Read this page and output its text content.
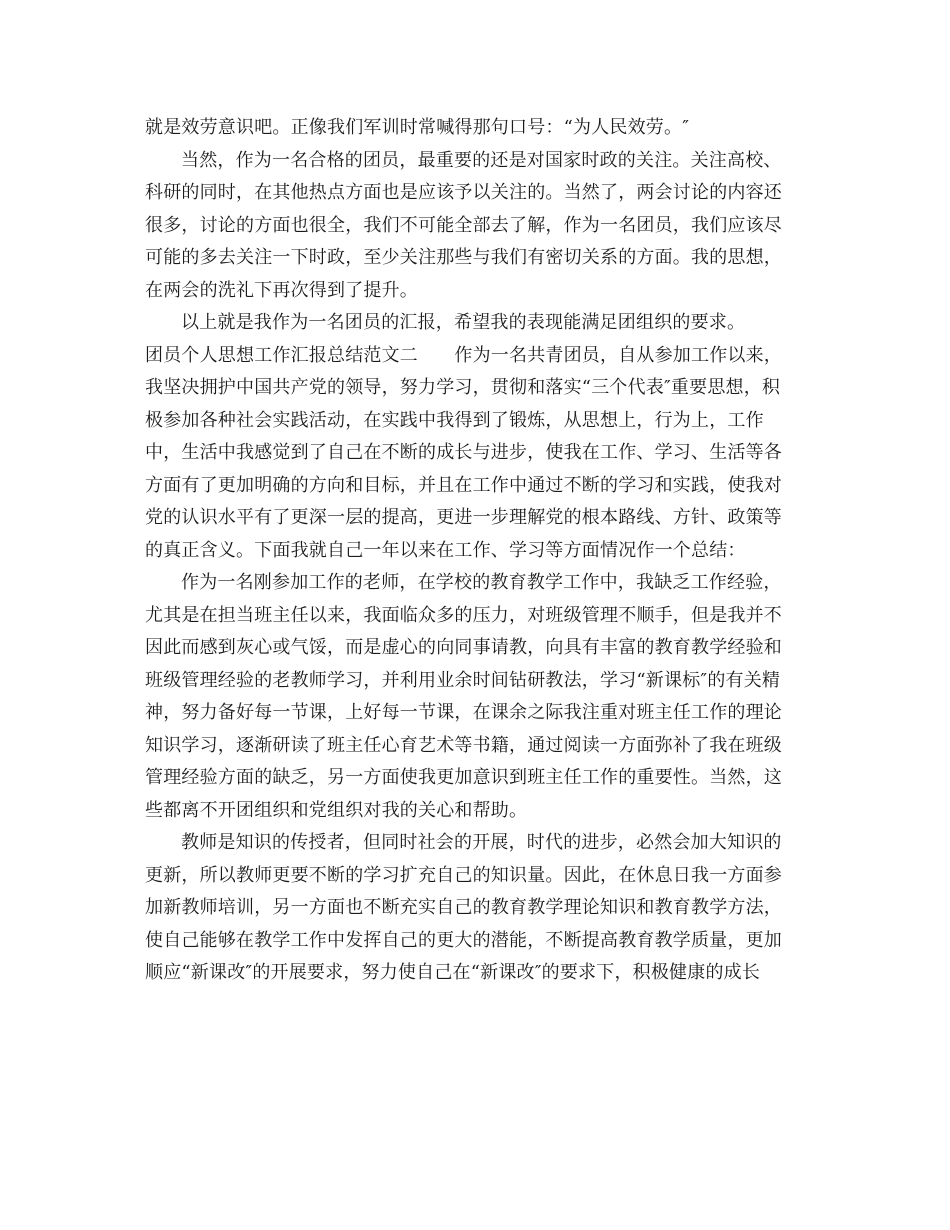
就是效劳意识吧。正像我们军训时常喊得那句口号：“为人民效劳。″
当然，作为一名合格的团员，最重要的还是对国家时政的关注。关注高校、
科研的同时，在其他热点方面也是应该予以关注的。当然了，两会讨论的内容还
很多，讨论的方面也很全，我们不可能全部去了解，作为一名团员，我们应该尽
可能的多去关注一下时政，至少关注那些与我们有密切关系的方面。我的思想，
在两会的洗礼下再次得到了提升。
以上就是我作为一名团员的汇报，希望我的表现能满足团组织的要求。
团员个人思想工作汇报总结范文二　　作为一名共青团员，自从参加工作以来，
我坚决拥护中国共产党的领导，努力学习，贯彻和落实“三个代表″重要思想，积
极参加各种社会实践活动，在实践中我得到了锻炼，从思想上，行为上，工作
中，生活中我感觉到了自己在不断的成长与进步，使我在工作、学习、生活等各
方面有了更加明确的方向和目标，并且在工作中通过不断的学习和实践，使我对
党的认识水平有了更深一层的提高，更进一步理解党的根本路线、方针、政策等
的真正含义。下面我就自己一年以来在工作、学习等方面情况作一个总结：
作为一名刚参加工作的老师，在学校的教育教学工作中，我缺乏工作经验，
尤其是在担当班主任以来，我面临众多的压力，对班级管理不顺手，但是我并不
因此而感到灰心或气馁，而是虚心的向同事请教，向具有丰富的教育教学经验和
班级管理经验的老教师学习，并利用业余时间钻研教法，学习“新课标″的有关精
神，努力备好每一节课，上好每一节课，在课余之际我注重对班主任工作的理论
知识学习，逐渐研读了班主任心育艺术等书籍，通过阅读一方面弥补了我在班级
管理经验方面的缺乏，另一方面使我更加意识到班主任工作的重要性。当然，这
些都离不开团组织和党组织对我的关心和帮助。
教师是知识的传授者，但同时社会的开展，时代的进步，必然会加大知识的
更新，所以教师更要不断的学习扩充自己的知识量。因此，在休息日我一方面参
加新教师培训，另一方面也不断充实自己的教育教学理论知识和教育教学方法，
使自己能够在教学工作中发挥自己的更大的潜能，不断提高教育教学质量，更加
顺应“新课改″的开展要求，努力使自己在“新课改″的要求下，积极健康的成长
